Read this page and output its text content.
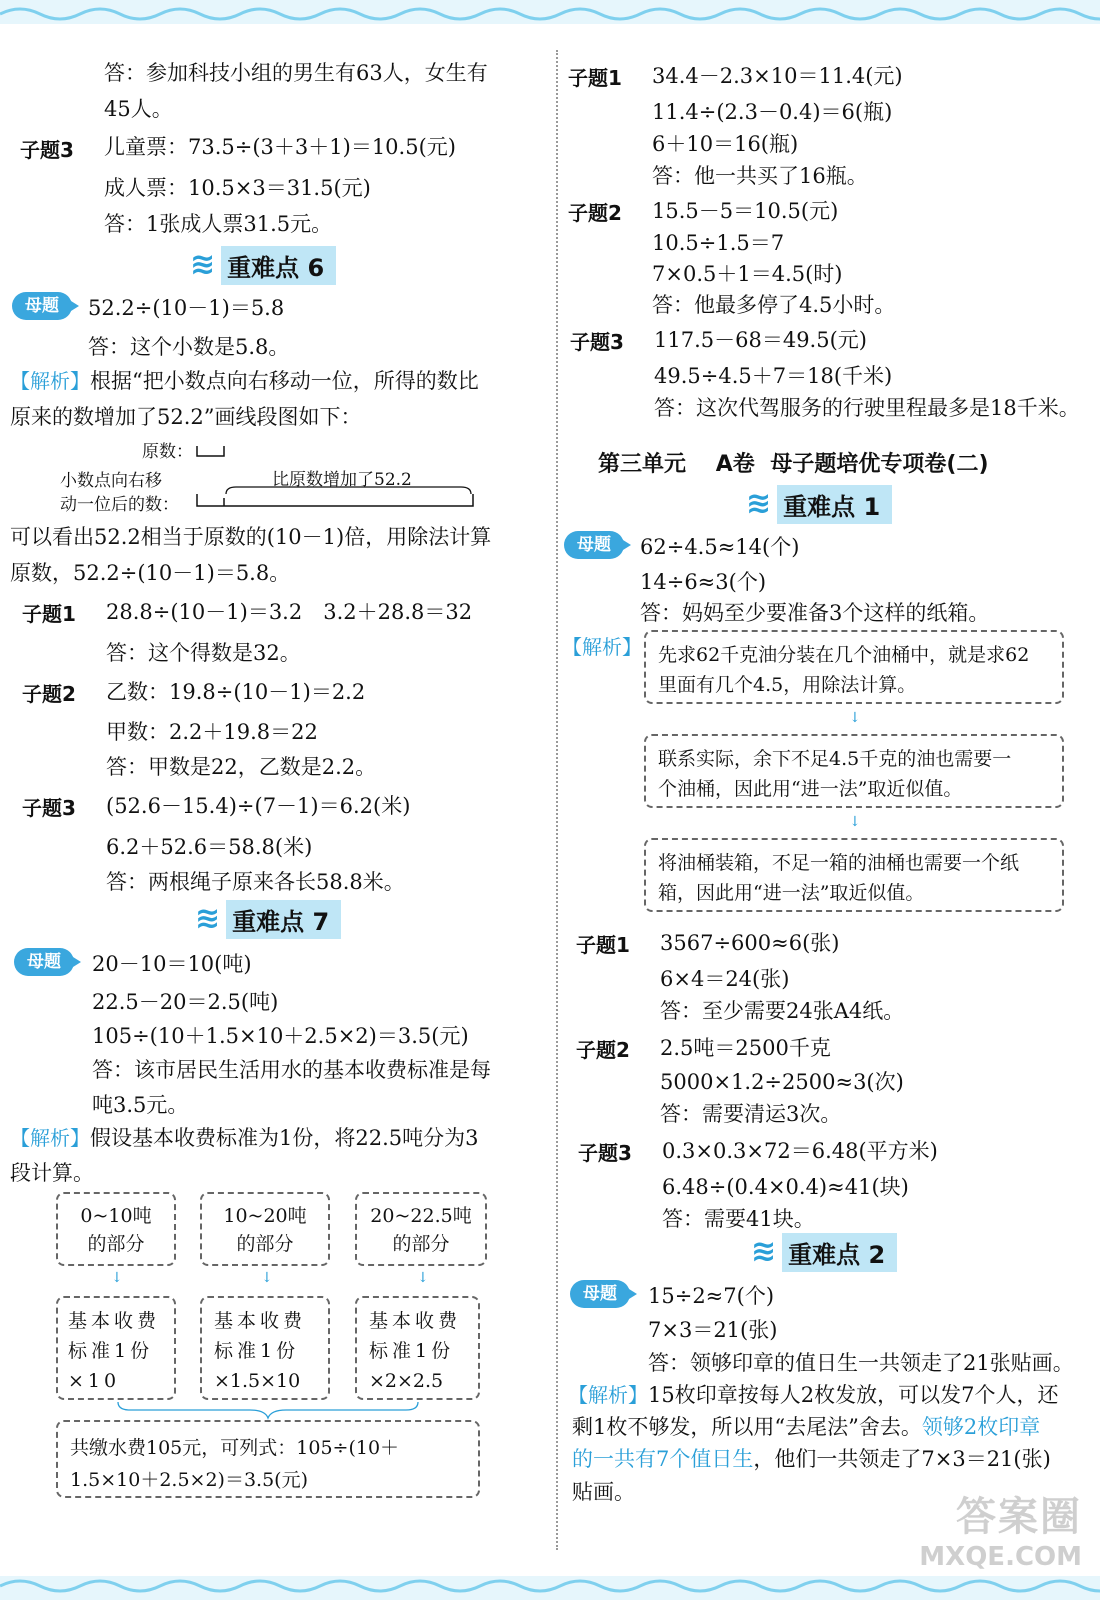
答：参加科技小组的男生有63人，女生有
45人。
子题3 儿童票：73.5÷(3＋3＋1)＝10.5(元)
成人票：10.5×3＝31.5(元)
答：1张成人票31.5元。
≋ 重难点 6
母题	52.2÷(10－1)＝5.8
答：这个小数是5.8。
【解析】根据“把小数点向右移动一位，所得的数比
原来的数增加了52.2”画线段图如下：
原数：
小数点向右移
动一位后的数：
比原数增加了52.2
可以看出52.2相当于原数的(10－1)倍，用除法计算
原数，52.2÷(10－1)＝5.8。
子题1 28.8÷(10－1)＝3.2　3.2＋28.8＝32
答：这个得数是32。
子题2 乙数：19.8÷(10－1)＝2.2
甲数：2.2＋19.8＝22
答：甲数是22，乙数是2.2。
子题3 (52.6－15.4)÷(7－1)＝6.2(米)
6.2＋52.6＝58.8(米)
答：两根绳子原来各长58.8米。
≋ 重难点 7
母题	20－10＝10(吨)
22.5－20＝2.5(吨)
105÷(10＋1.5×10＋2.5×2)＝3.5(元)
答：该市居民生活用水的基本收费标准是每
吨3.5元。
【解析】假设基本收费标准为1份，将22.5吨分为3
段计算。
0~10吨
的部分
10~20吨
的部分
20~22.5吨
的部分
↓	↓	↓
基本收费
标准1份
×10
基本收费
标准1份
×1.5×10
基本收费
标准1份
×2×2.5
共缴水费105元，可列式：105÷(10＋
1.5×10＋2.5×2)＝3.5(元)
子题1 34.4－2.3×10＝11.4(元)
11.4÷(2.3－0.4)＝6(瓶)
6＋10＝16(瓶)
答：他一共买了16瓶。
子题2 15.5－5＝10.5(元)
10.5÷1.5＝7
7×0.5＋1＝4.5(时)
答：他最多停了4.5小时。
子题3 117.5－68＝49.5(元)
49.5÷4.5＋7＝18(千米)
答：这次代驾服务的行驶里程最多是18千米。
第三单元 A卷 母子题培优专项卷(二)
≋ 重难点 1
母题	62÷4.5≈14(个)
14÷6≈3(个)
答：妈妈至少要准备3个这样的纸箱。
【解析】 先求62千克油分装在几个油桶中，就是求62
里面有几个4.5，用除法计算。
↓
联系实际，余下不足4.5千克的油也需要一
个油桶，因此用“进一法”取近似值。
↓
将油桶装箱，不足一箱的油桶也需要一个纸
箱，因此用“进一法”取近似值。
子题1 3567÷600≈6(张)
6×4＝24(张)
答：至少需要24张A4纸。
子题2 2.5吨＝2500千克
5000×1.2÷2500≈3(次)
答：需要清运3次。
子题3 0.3×0.3×72＝6.48(平方米)
6.48÷(0.4×0.4)≈41(块)
答：需要41块。
≋ 重难点 2
母题	15÷2≈7(个)
7×3＝21(张)
答：领够印章的值日生一共领走了21张贴画。
【解析】15枚印章按每人2枚发放，可以发7个人，还
剩1枚不够发，所以用“去尾法”舍去。领够2枚印章
的一共有7个值日生，他们一共领走了7×3＝21(张)
贴画。
答案圈
MXQE.COM
